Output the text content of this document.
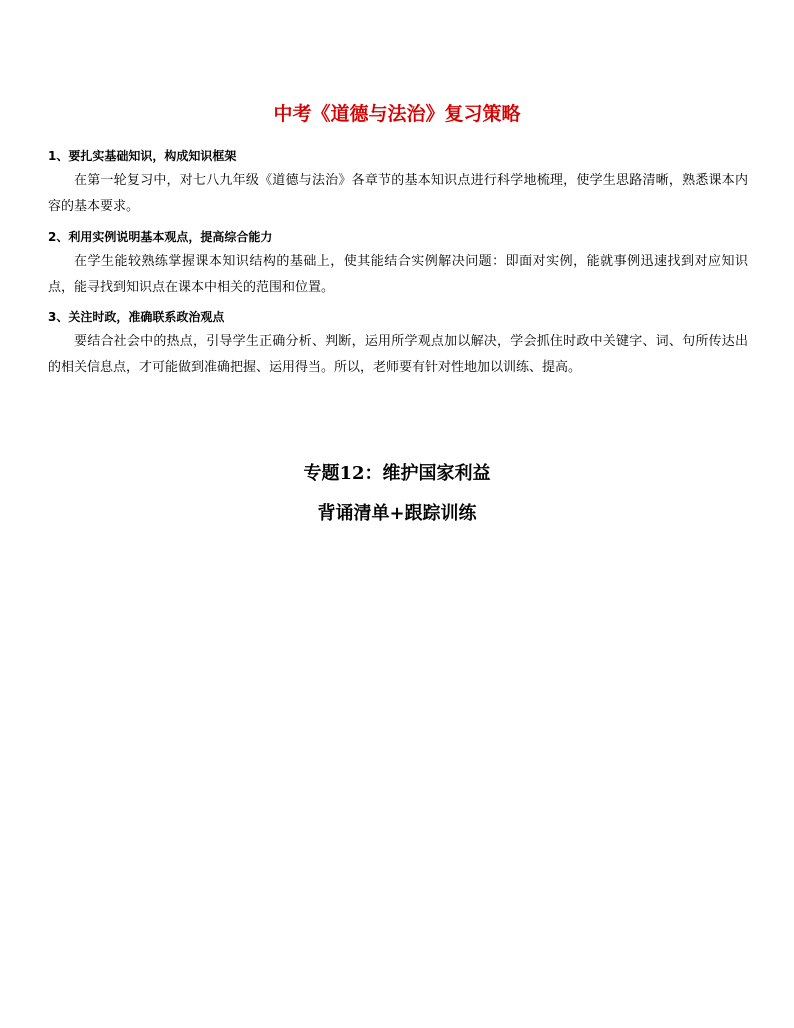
中考《道德与法治》复习策略
1、要扎实基础知识，构成知识框架
在第一轮复习中，对七八九年级《道德与法治》各章节的基本知识点进行科学地梳理，使学生思路清晰，熟悉课本内容的基本要求。
2、利用实例说明基本观点，提高综合能力
在学生能较熟练掌握课本知识结构的基础上，使其能结合实例解决问题：即面对实例，能就事例迅速找到对应知识点，能寻找到知识点在课本中相关的范围和位置。
3、关注时政，准确联系政治观点
要结合社会中的热点，引导学生正确分析、判断，运用所学观点加以解决，学会抓住时政中关键字、词、句所传达出的相关信息点，才可能做到准确把握、运用得当。所以，老师要有针对性地加以训练、提高。
专题12：维护国家利益
背诵清单+跟踪训练
